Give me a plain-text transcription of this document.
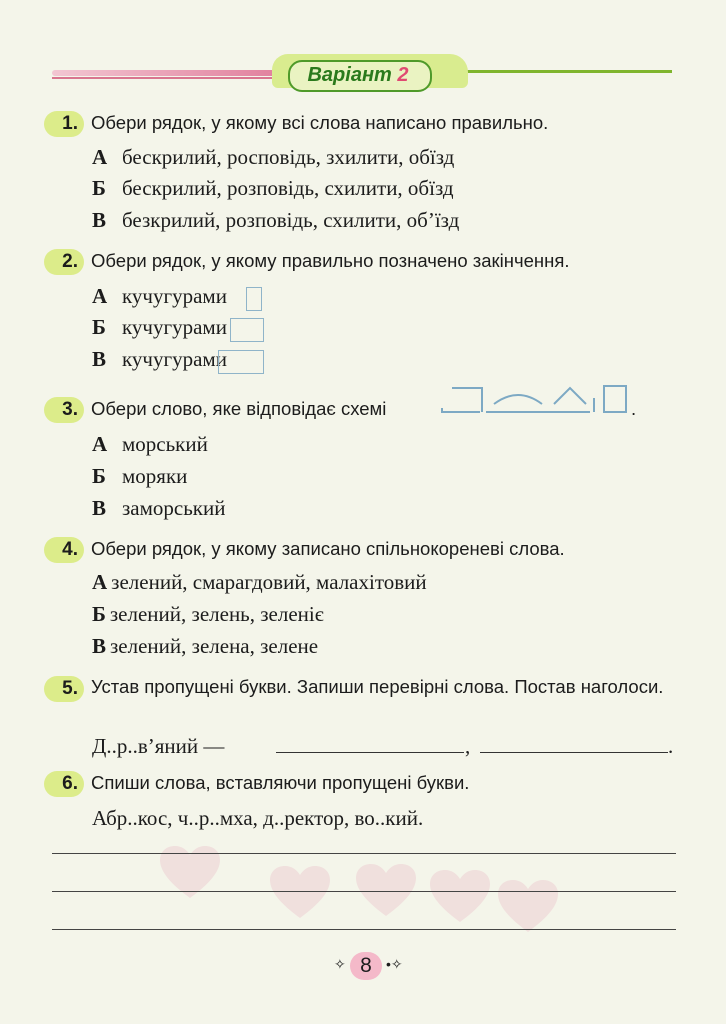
Варіант 2
1. Обери рядок, у якому всі слова написано правильно.
А бескрилий, росповідь, зхилити, обїзд
Б бескрилий, розповідь, схилити, обїзд
В безкрилий, розповідь, схилити, об’їзд
2. Обери рядок, у якому правильно позначено закінчення.
А кучугурами
Б кучугурами
В кучугурами
3. Обери слово, яке відповідає схемі	.
А морський
Б моряки
В заморський
4. Обери рядок, у якому записано спільнокореневі слова.
А зелений, смарагдовий, малахітовий
Б зелений, зелень, зеленіє
В зелений, зелена, зелене
5. Устав пропущені букви. Запиши перевірні слова. Постав наголоси.
Д..р..в’яний —	,	.
6. Спиши слова, вставляючи пропущені букви.
Абр..кос, ч..р..мха, д..ректор, во..кий.
✧ 8	•✧
